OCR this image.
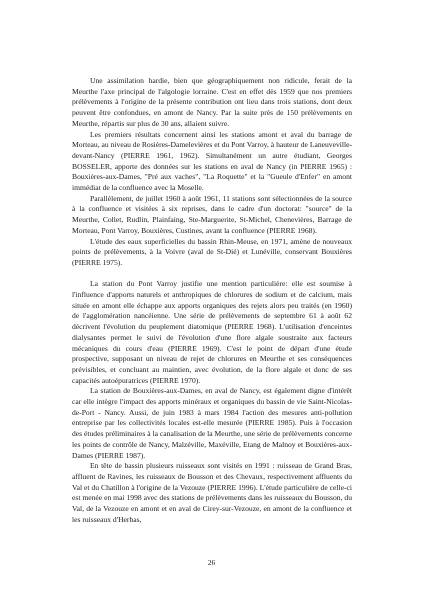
Une assimilation hardie, bien que géographiquement non ridicule, ferait de la Meurthe l'axe principal de l'algologie lorraine. C'est en effet dès 1959 que nos premiers prélèvements à l'origine de la présente contribution ont lieu dans trois stations, dont deux peuvent être confondues, en amont de Nancy. Par la suite près de 150 prélèvements en Meurthe, répartis sur plus de 30 ans, allaient suivre.

Les premiers résultats concernent ainsi les stations amont et aval du barrage de Morteau, au niveau de Rosières-Damelevières et du Pont Varroy, à hauteur de Laneuveville-devant-Nancy (PIERRE 1961, 1962). Simultanément un autre étudiant, Georges BOSSELER, apporte des données sur les stations en aval de Nancy (in PIERRE 1965) : Bouxières-aux-Dames, "Pré aux vaches", "La Roquette" et la "Gueule d'Enfer" en amont immédiat de la confluence avec la Moselle.

Parallèlement, de juillet 1960 à août 1961, 11 stations sont sélectionnées de la source à la confluence et visitées à six reprises, dans le cadre d'un doctorat: "source" de la Meurthe, Collet, Rudlin, Plainfaing, Ste-Marguerite, St-Michel, Chenevières, Barrage de Morteau, Pont Varroy, Bouxières, Custines, avant la confluence (PIERRE 1968).

L'étude des eaux superficielles du bassin Rhin-Meuse, en 1971, amène de nouveaux points de prélèvements, à la Voivre (aval de St-Dié) et Lunéville, conservant Bouxières (PIERRE 1975).

La station du Pont Varroy justifie une mention particulière: elle est soumise à l'influence d'apports naturels et anthropiques de chlorures de sodium et de calcium, mais située en amont elle échappe aux apports organiques des rejets alors peu traités (en 1960) de l'agglomération nancéienne. Une série de prélèvements de septembre 61 à août 62 décrivent l'évolution du peuplement diatomique (PIERRE 1968). L'utilisation d'enceintes dialysantes permet le suivi de l'évolution d'une flore algale soustraite aux facteurs mécaniques du cours d'eau (PIERRE 1969). C'est le point de départ d'une étude prospective, supposant un niveau de rejet de chlorures en Meurthe et ses conséquences prévisibles, et concluant au maintien, avec évolution, de la flore algale et donc de ses capacités autoépuratrices (PIERRE 1970).

La station de Bouxières-aux-Dames, en aval de Nancy, est également digne d'intérêt car elle intègre l'impact des apports minéraux et organiques du bassin de vie Saint-Nicolas-de-Port - Nancy. Aussi, de juin 1983 à mars 1984 l'action des mesures anti-pollution entreprise par les collectivités locales est-elle mesurée (PIERRE 1985). Puis à l'occasion des études préliminaires à la canalisation de la Meurthe, une série de prélèvements concerne les points de contrôle de Nancy, Malzéville, Maxéville, Etang de Malnoy et Bouxières-aux-Dames (PIERRE 1987).

En tête de bassin plusieurs ruisseaux sont visités en 1991 : ruisseau de Grand Bras, affluent de Ravines, les ruisseaux de Bousson et des Chevaux, respectivement affluents du Val et du Chatillon à l'origine de la Vezouze (PIERRE 1996). L'étude particulière de celle-ci est menée en mai 1998 avec des stations de prélèvements dans les ruisseaux du Bousson, du Val, de la Vezouze en amont et en aval de Cirey-sur-Vezouze, en amont de la confluence et les ruisseaux d'Herbas,

26
